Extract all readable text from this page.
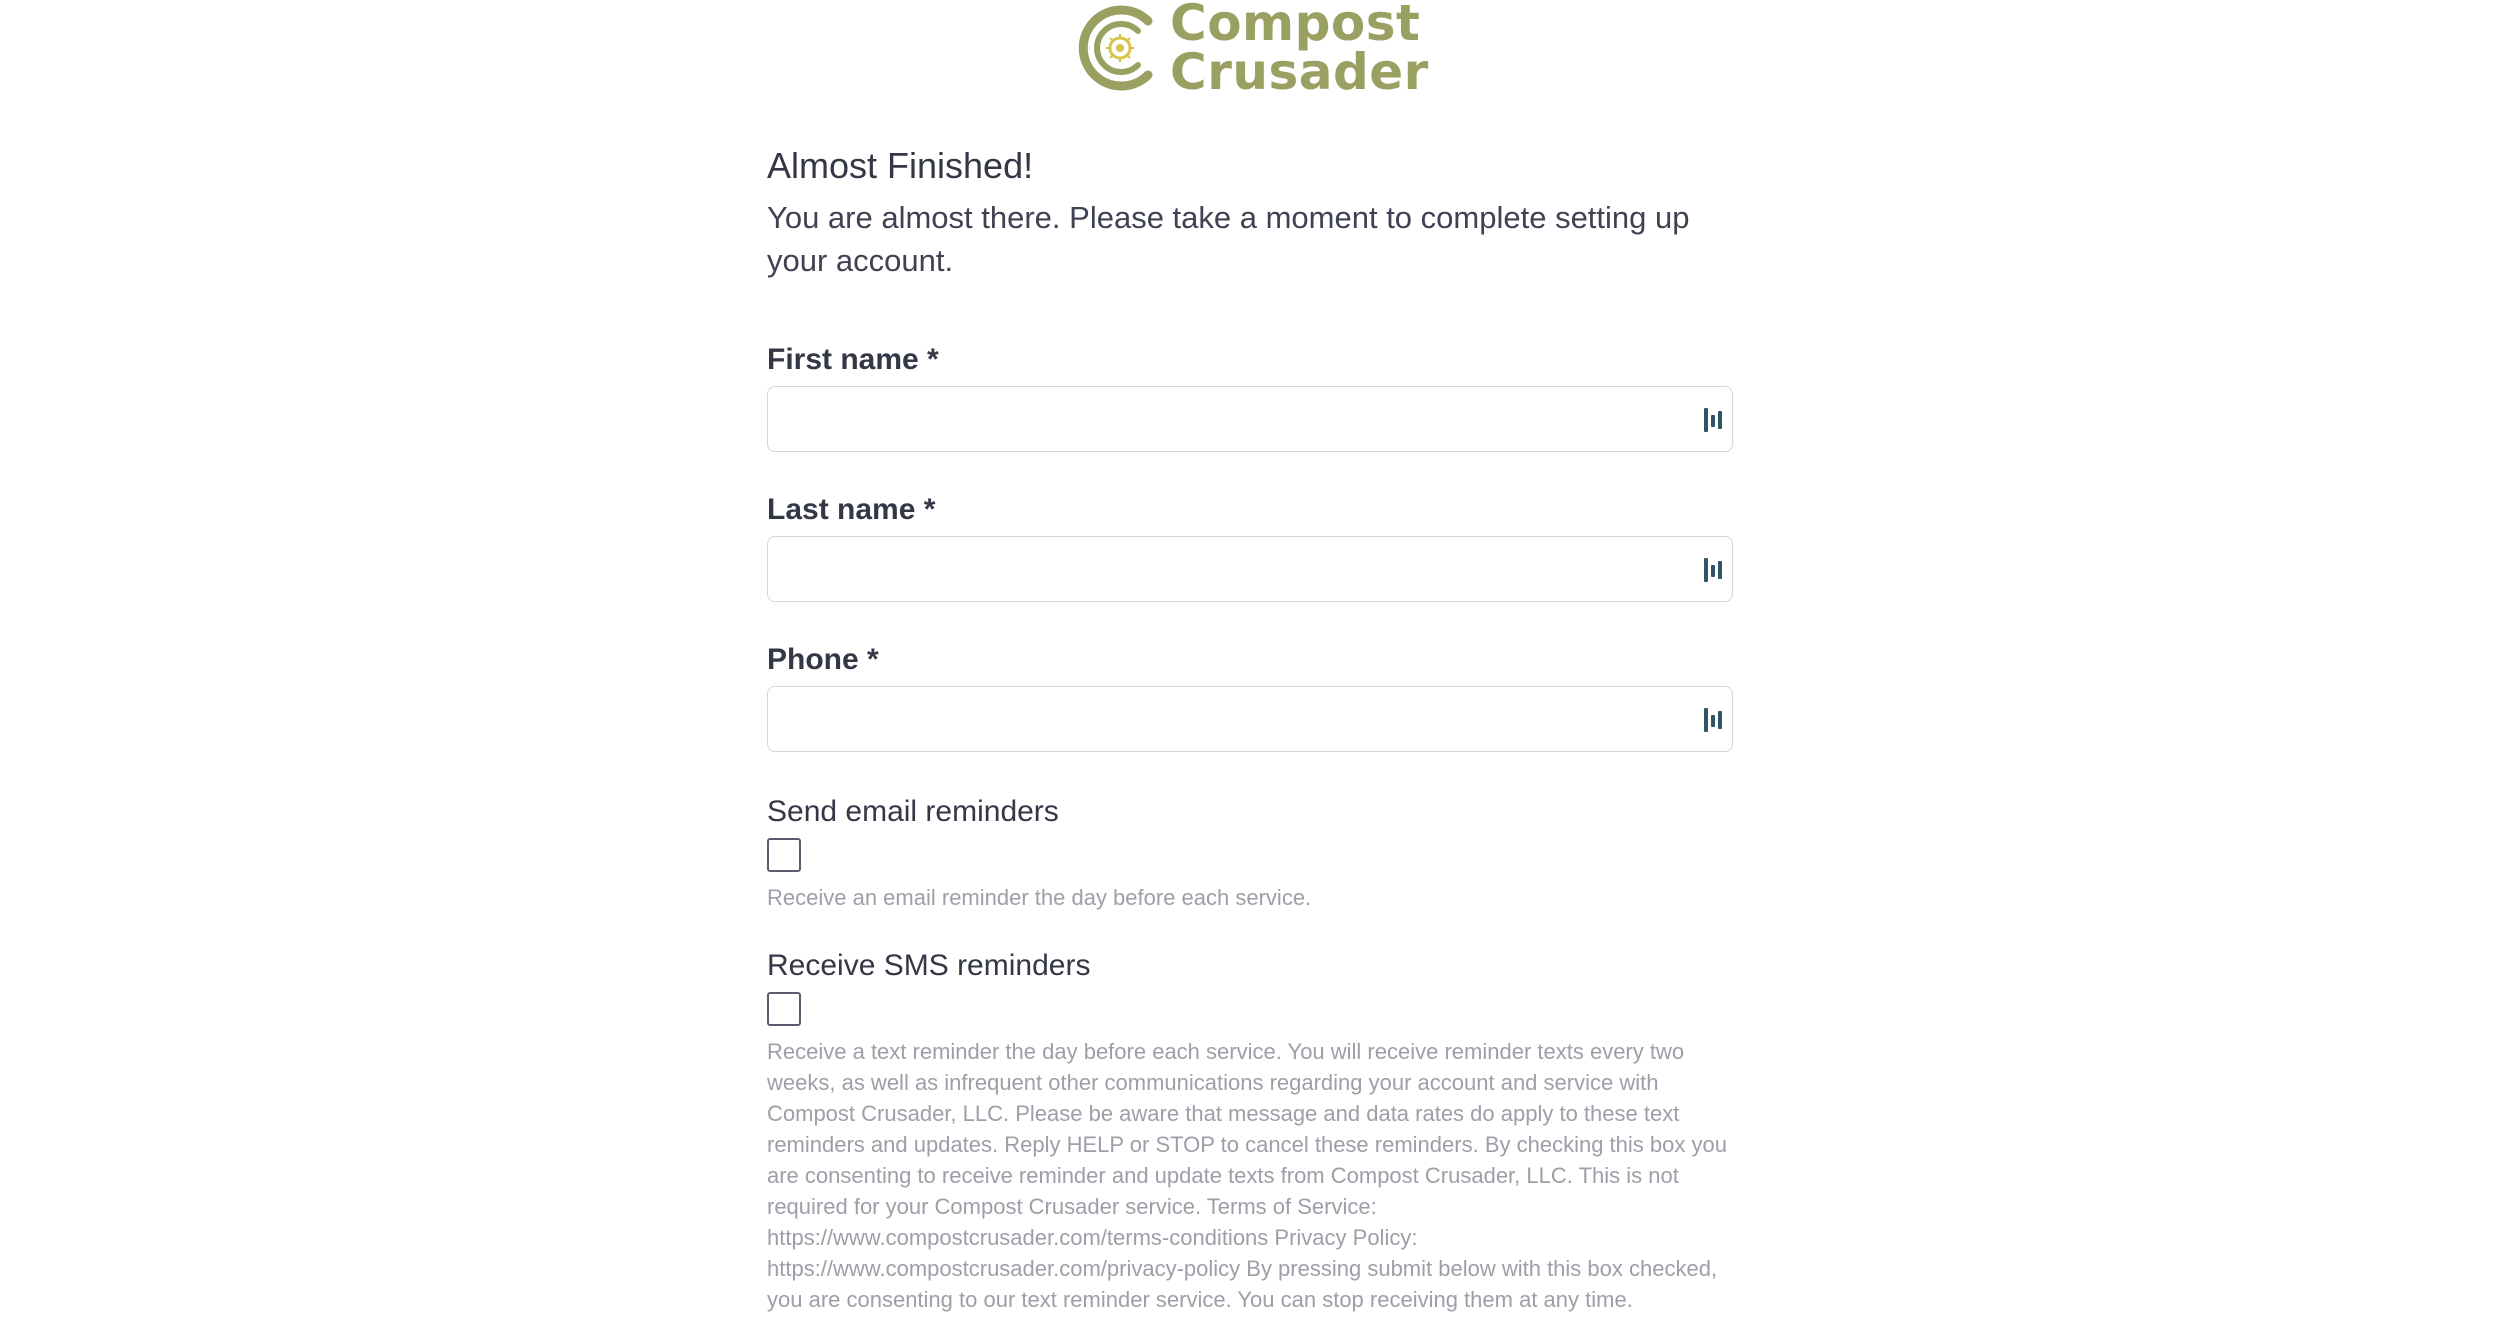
Compost
Crusader
Almost Finished!

You are almost there. Please take a moment to complete setting up your account.

First name *
Last name *
Phone *
Send email reminders
Receive an email reminder the day before each service.
Receive SMS reminders
Receive a text reminder the day before each service. You will receive reminder texts every two weeks, as well as infrequent other communications regarding your account and service with Compost Crusader, LLC. Please be aware that message and data rates do apply to these text reminders and updates. Reply HELP or STOP to cancel these reminders. By checking this box you are consenting to receive reminder and update texts from Compost Crusader, LLC. This is not required for your Compost Crusader service. Terms of Service: https://www.compostcrusader.com/terms-conditions Privacy Policy: https://www.compostcrusader.com/privacy-policy By pressing submit below with this box checked, you are consenting to our text reminder service. You can stop receiving them at any time.
